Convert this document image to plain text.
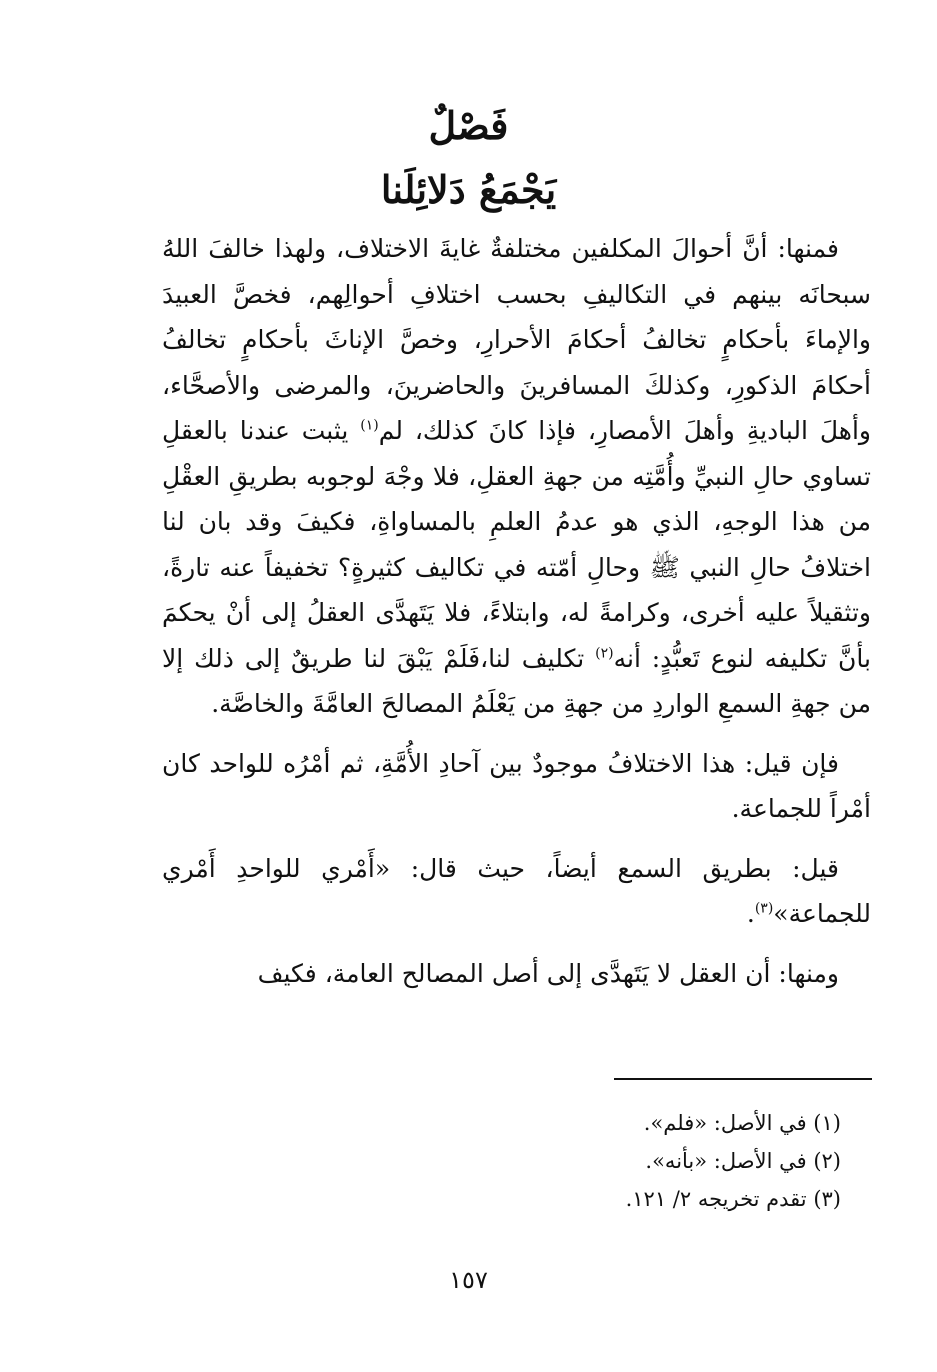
فَصْلٌ
يَجْمَعُ دَلائِلَنا

فمنها: أنَّ أحوالَ المكلفين مختلفةٌ غايةَ الاختلاف، ولهذا خالفَ اللهُ سبحانَه بينهم في التكاليفِ بحسب اختلافِ أحوالِهم، فخصَّ العبيدَ والإماءَ بأحكامٍ تخالفُ أحكامَ الأحرارِ، وخصَّ الإناثَ بأحكامٍ تخالفُ أحكامَ الذكورِ، وكذلكَ المسافرينَ والحاضرينَ، والمرضى والأصحَّاء، وأهلَ الباديةِ وأهلَ الأمصارِ، فإذا كانَ كذلك، لم$^{(١)}$ يثبت عندنا بالعقلِ تساوي حالِ النبيِّ وأُمَّتِه من جهةِ العقلِ، فلا وجْهَ لوجوبه بطريقِ العقْلِ من هذا الوجهِ، الذي هو عدمُ العلمِ بالمساواةِ، فكيفَ وقد بان لنا اختلافُ حالِ النبي ﷺ وحالِ أمّته في تكاليف كثيرةٍ؟ تخفيفاً عنه تارةً، وتثقيلاً عليه أخرى، وكرامةً له، وابتلاءً، فلا يَتَهدَّى العقلُ إلى أنْ يحكمَ بأنَّ تكليفه لنوع تَعبُّدٍ: أنه$^{(٢)}$ تكليف لنا،فَلَمْ يَبْقَ لنا طريقٌ إلى ذلك إلا من جهةِ السمعِ الواردِ من جهةِ من يَعْلَمُ المصالحَ العامَّةَ والخاصَّة.

فإن قيل: هذا الاختلافُ موجودٌ بين آحادِ الأُمَّةِ، ثم أمْرُه للواحد كان أمْراً للجماعة.

قيل: بطريق السمع أيضاً، حيث قال: «أَمْري للواحدِ أَمْري للجماعة»$^{(٣)}$.

ومنها: أن العقل لا يَتَهدَّى إلى أصل المصالح العامة، فكيف

(١) في الأصل: «فلم».

(٢) في الأصل: «بأنه».

(٣) تقدم تخريجه ٢/ ١٢١.

١٥٧
